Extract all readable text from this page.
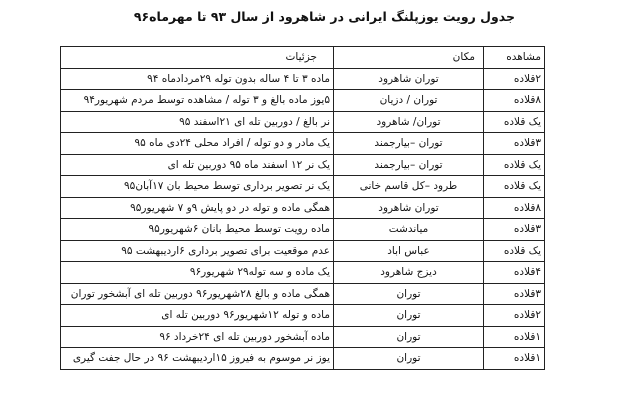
جدول رویت یوزپلنگ ایرانی در شاهرود از سال ۹۳ تا مهرماه۹۶
مشاهده	مکان	جزئیات
۲قلاده	توران شاهرود	ماده ۳ تا ۴ ساله بدون توله ۲۹مردادماه ۹۴
۸قلاده	توران / دزیان	۵یوز ماده بالغ و ۳ توله / مشاهده توسط مردم شهریور۹۴
یک قلاده	توران/ شاهرود	نر بالغ / دوربین تله ای ۲۱اسفند ۹۵
۳قلاده	توران –بیارجمند	یک مادر و دو توله / افراد محلی ۲۴دی ماه ۹۵
یک قلاده	توران –بیارجمند	یک نر ۱۲ اسفند ماه ۹۵ دوربین تله ای
یک قلاده	طرود –کل قاسم خانی	یک نر تصویر برداری توسط محیط بان ۱۷آبان۹۵
۸قلاده	توران شاهرود	همگی ماده و توله در دو پایش ۹و ۷ شهریور۹۵
۳قلاده	میاندشت	ماده رویت توسط محیط بانان ۶شهریور۹۵
یک قلاده	عباس اباد	عدم موقعیت برای تصویر برداری ۶اردیبهشت ۹۵
۴قلاده	دیزج شاهرود	یک ماده و سه توله۲۹ شهریور۹۶
۳قلاده	توران	همگی ماده و بالغ ۲۸شهریور۹۶ دوربین تله ای آبشخور توران
۲قلاده	توران	ماده و توله ۱۲شهریور۹۶ دوربین تله ای
۱قلاده	توران	ماده آبشخور دوربین تله ای ۲۴خرداد ۹۶
۱قلاده	توران	یوز نر موسوم به فیروز ۱۵اردیبهشت ۹۶ در حال جفت گیری
